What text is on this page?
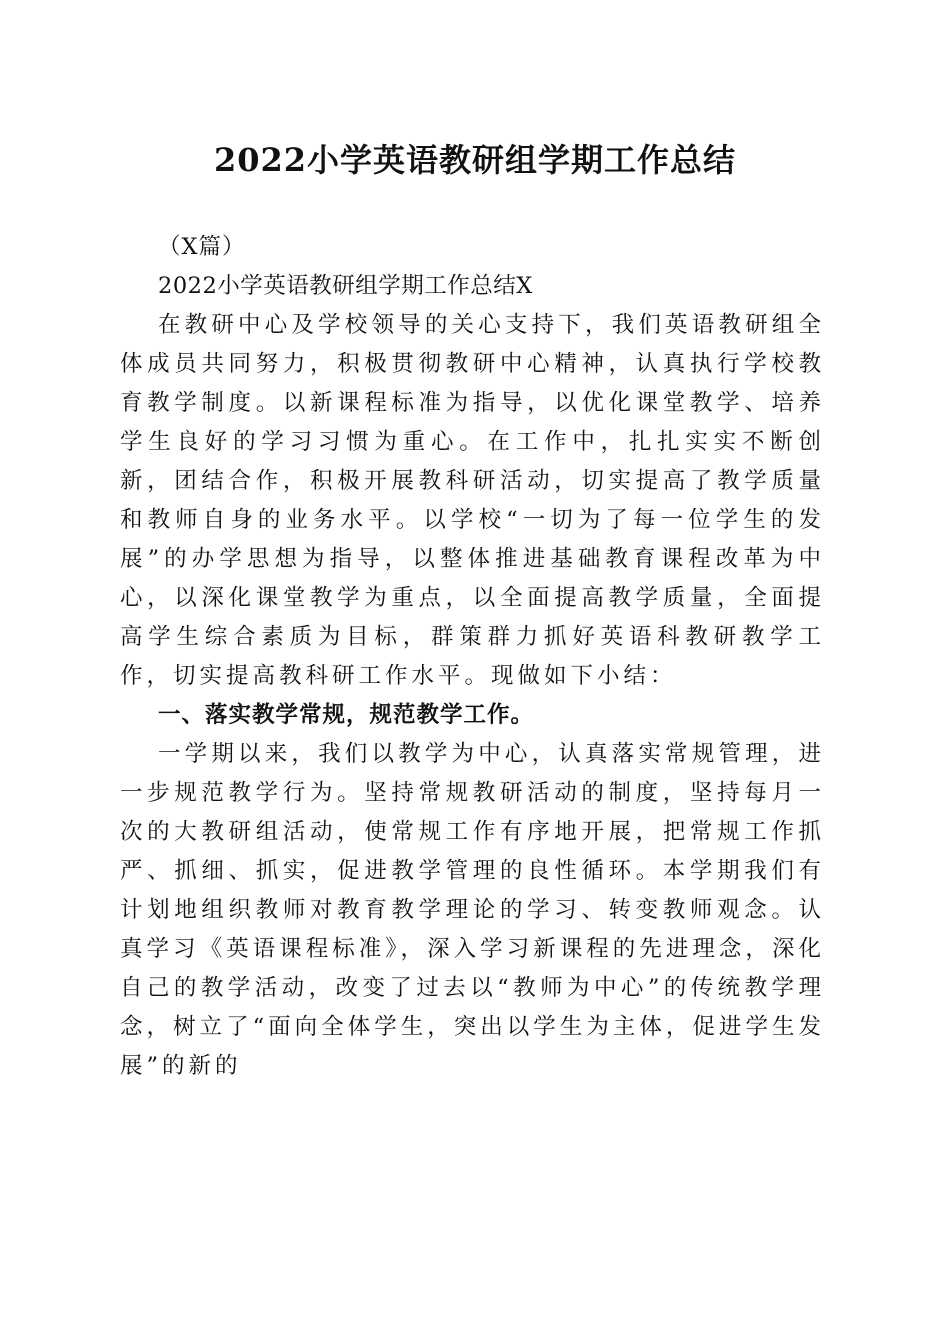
2022小学英语教研组学期工作总结

（X篇）

2022小学英语教研组学期工作总结X

在教研中心及学校领导的关心支持下，我们英语教研组全体成员共同努力，积极贯彻教研中心精神，认真执行学校教育教学制度。以新课程标准为指导，以优化课堂教学、培养学生良好的学习习惯为重心。在工作中，扎扎实实不断创新，团结合作，积极开展教科研活动，切实提高了教学质量和教师自身的业务水平。以学校“一切为了每一位学生的发展”的办学思想为指导，以整体推进基础教育课程改革为中心，以深化课堂教学为重点，以全面提高教学质量，全面提高学生综合素质为目标，群策群力抓好英语科教研教学工作，切实提高教科研工作水平。现做如下小结：

一、落实教学常规，规范教学工作。

一学期以来，我们以教学为中心，认真落实常规管理，进一步规范教学行为。坚持常规教研活动的制度，坚持每月一次的大教研组活动，使常规工作有序地开展，把常规工作抓严、抓细、抓实，促进教学管理的良性循环。本学期我们有计划地组织教师对教育教学理论的学习、转变教师观念。认真学习《英语课程标准》，深入学习新课程的先进理念，深化自己的教学活动，改变了过去以“教师为中心”的传统教学理念，树立了“面向全体学生，突出以学生为主体，促进学生发展”的新的
